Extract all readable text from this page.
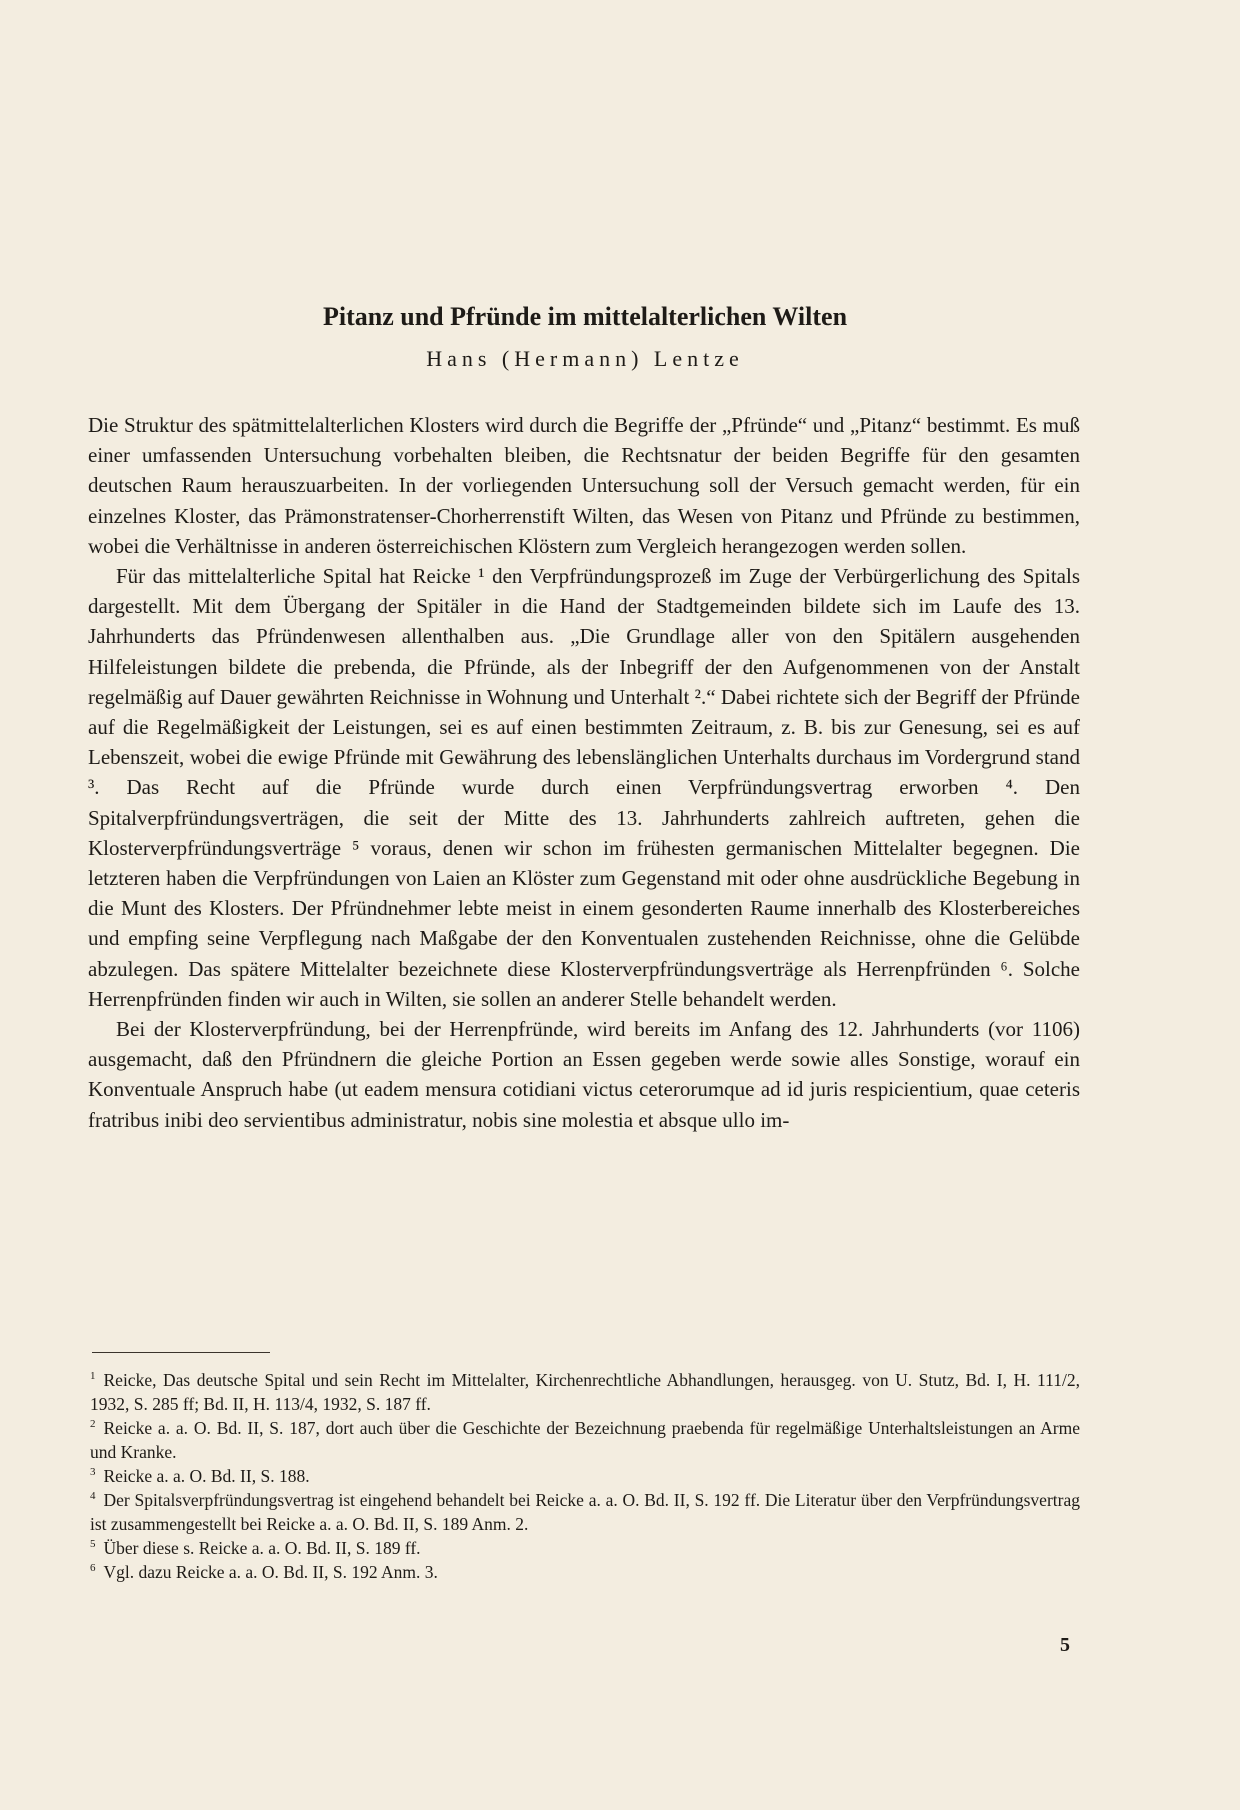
Pitanz und Pfründe im mittelalterlichen Wilten

Hans (Hermann) Lentze

Die Struktur des spätmittelalterlichen Klosters wird durch die Begriffe der „Pfründe“ und „Pitanz“ bestimmt. Es muß einer umfassenden Untersuchung vorbehalten bleiben, die Rechtsnatur der beiden Begriffe für den gesamten deutschen Raum herauszuarbeiten. In der vorliegenden Untersuchung soll der Versuch gemacht werden, für ein einzelnes Kloster, das Prämonstratenser-Chorherrenstift Wilten, das Wesen von Pitanz und Pfründe zu bestimmen, wobei die Verhältnisse in anderen österreichischen Klöstern zum Vergleich herangezogen werden sollen.

Für das mittelalterliche Spital hat Reicke ¹ den Verpfründungsprozeß im Zuge der Verbürgerlichung des Spitals dargestellt. Mit dem Übergang der Spitäler in die Hand der Stadtgemeinden bildete sich im Laufe des 13. Jahrhunderts das Pfründenwesen allenthalben aus. „Die Grundlage aller von den Spitälern ausgehenden Hilfeleistungen bildete die prebenda, die Pfründe, als der Inbegriff der den Aufgenommenen von der Anstalt regelmäßig auf Dauer gewährten Reichnisse in Wohnung und Unterhalt ².“ Dabei richtete sich der Begriff der Pfründe auf die Regelmäßigkeit der Leistungen, sei es auf einen bestimmten Zeitraum, z. B. bis zur Genesung, sei es auf Lebenszeit, wobei die ewige Pfründe mit Gewährung des lebenslänglichen Unterhalts durchaus im Vordergrund stand ³. Das Recht auf die Pfründe wurde durch einen Verpfründungsvertrag erworben ⁴. Den Spitalverpfründungsverträgen, die seit der Mitte des 13. Jahrhunderts zahlreich auftreten, gehen die Klosterverpfründungsverträge ⁵ voraus, denen wir schon im frühesten germanischen Mittelalter begegnen. Die letzteren haben die Verpfründungen von Laien an Klöster zum Gegenstand mit oder ohne ausdrückliche Begebung in die Munt des Klosters. Der Pfründnehmer lebte meist in einem gesonderten Raume innerhalb des Klosterbereiches und empfing seine Verpflegung nach Maßgabe der den Konventualen zustehenden Reichnisse, ohne die Gelübde abzulegen. Das spätere Mittelalter bezeichnete diese Klosterverpfründungsverträge als Herrenpfründen ⁶. Solche Herrenpfründen finden wir auch in Wilten, sie sollen an anderer Stelle behandelt werden.

Bei der Klosterverpfründung, bei der Herrenpfründe, wird bereits im Anfang des 12. Jahrhunderts (vor 1106) ausgemacht, daß den Pfründnern die gleiche Portion an Essen gegeben werde sowie alles Sonstige, worauf ein Konventuale Anspruch habe (ut eadem mensura cotidiani victus ceterorumque ad id juris respicientium, quae ceteris fratribus inibi deo servientibus administratur, nobis sine molestia et absque ullo im-

$^1$ Reicke, Das deutsche Spital und sein Recht im Mittelalter, Kirchenrechtliche Abhandlungen, herausgeg. von U. Stutz, Bd. I, H. 111/2, 1932, S. 285 ff; Bd. II, H. 113/4, 1932, S. 187 ff.

$^2$ Reicke a. a. O. Bd. II, S. 187, dort auch über die Geschichte der Bezeichnung praebenda für regelmäßige Unterhaltsleistungen an Arme und Kranke.

$^3$ Reicke a. a. O. Bd. II, S. 188.

$^4$ Der Spitalsverpfründungsvertrag ist eingehend behandelt bei Reicke a. a. O. Bd. II, S. 192 ff. Die Literatur über den Verpfründungsvertrag ist zusammengestellt bei Reicke a. a. O. Bd. II, S. 189 Anm. 2.

$^5$ Über diese s. Reicke a. a. O. Bd. II, S. 189 ff.

$^6$ Vgl. dazu Reicke a. a. O. Bd. II, S. 192 Anm. 3.

5
